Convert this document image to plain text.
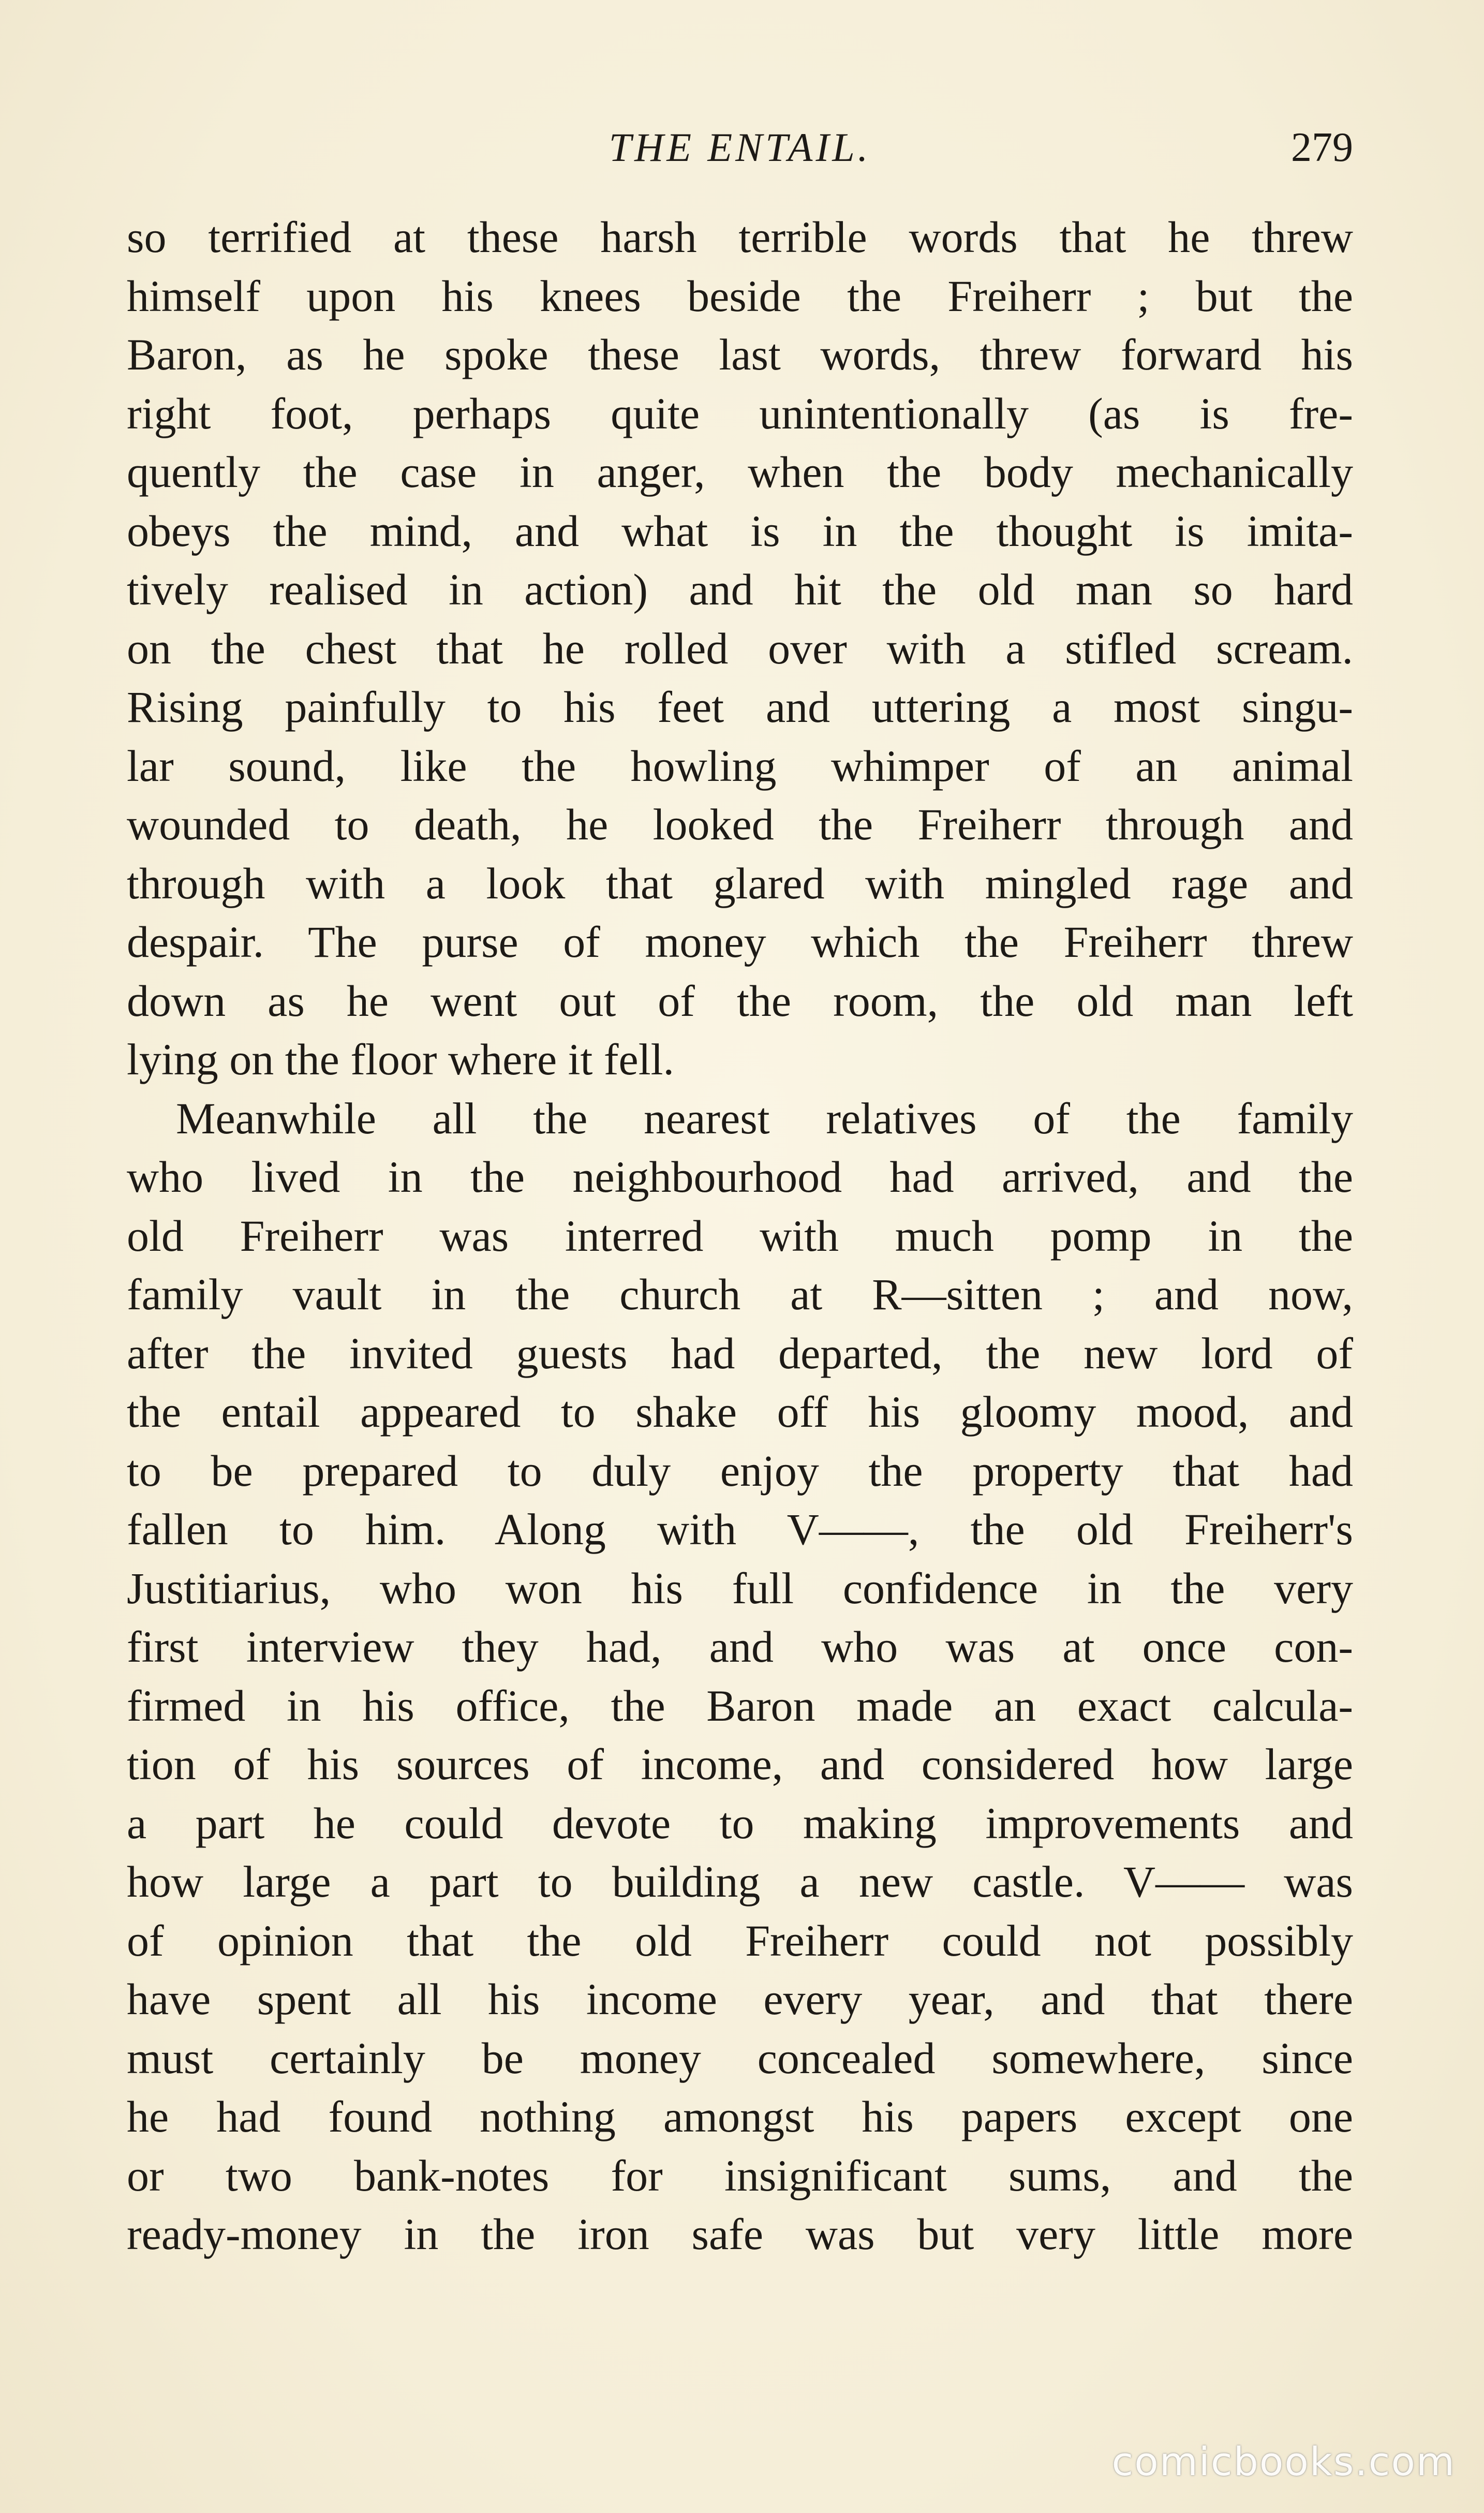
THE ENTAIL.	279
so terrified at these harsh terrible words that he threw
himself upon his knees beside the Freiherr ; but the
Baron, as he spoke these last words, threw forward his
right foot, perhaps quite unintentionally (as is fre-
quently the case in anger, when the body mechanically
obeys the mind, and what is in the thought is imita-
tively realised in action) and hit the old man so hard
on the chest that he rolled over with a stifled scream.
Rising painfully to his feet and uttering a most singu-
lar sound, like the howling whimper of an animal
wounded to death, he looked the Freiherr through and
through with a look that glared with mingled rage and
despair. The purse of money which the Freiherr threw
down as he went out of the room, the old man left
lying on the floor where it fell.
Meanwhile all the nearest relatives of the family
who lived in the neighbourhood had arrived, and the
old Freiherr was interred with much pomp in the
family vault in the church at R—sitten ; and now,
after the invited guests had departed, the new lord of
the entail appeared to shake off his gloomy mood, and
to be prepared to duly enjoy the property that had
fallen to him. Along with V——, the old Freiherr's
Justitiarius, who won his full confidence in the very
first interview they had, and who was at once con-
firmed in his office, the Baron made an exact calcula-
tion of his sources of income, and considered how large
a part he could devote to making improvements and
how large a part to building a new castle. V—— was
of opinion that the old Freiherr could not possibly
have spent all his income every year, and that there
must certainly be money concealed somewhere, since
he had found nothing amongst his papers except one
or two bank-notes for insignificant sums, and the
ready-money in the iron safe was but very little more
comicbooks.com
